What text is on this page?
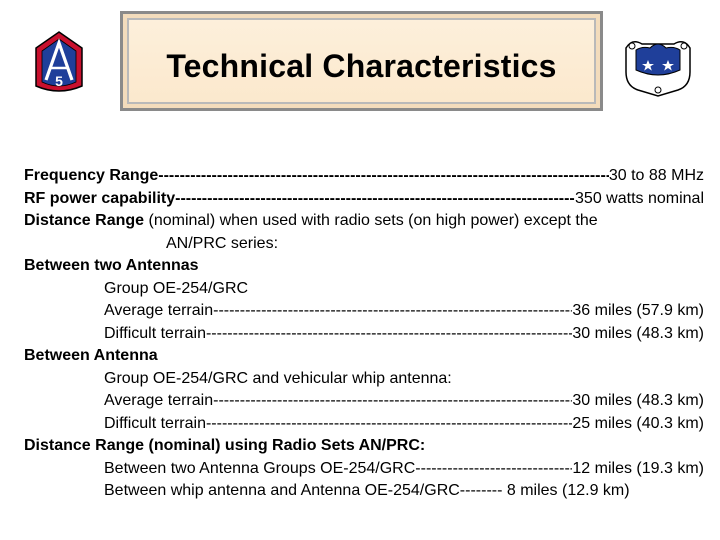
5	Technical Characteristics
Frequency Range -----	30 to 88 MHz
RF power capability -----	350 watts nominal
Distance Range (nominal) when used with radio sets (on high power) except the
AN/PRC series:
Between two Antennas
Group OE-254/GRC
Average terrain -----	36 miles (57.9 km)
Difficult terrain -----	30 miles (48.3 km)
Between Antenna
Group OE-254/GRC and vehicular whip antenna:
Average terrain -----	30 miles (48.3 km)
Difficult terrain -----	25 miles (40.3 km)
Distance Range (nominal) using Radio Sets AN/PRC:
Between two Antenna Groups OE-254/GRC -----	12 miles (19.3 km)
Between whip antenna and Antenna OE-254/GRC -------- 8 miles (12.9 km)
